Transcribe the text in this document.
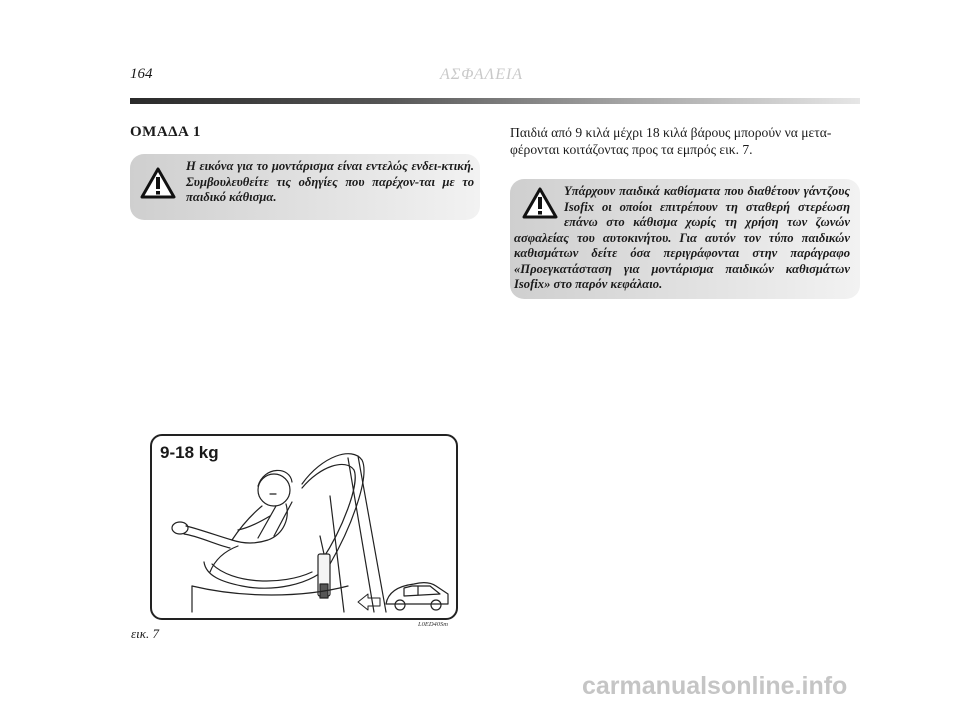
164	ΑΣΦΑΛΕΙΑ
ΟΜΑΔΑ 1
Η εικόνα για το μοντάρισμα είναι εντελώς ενδει-κτική. Συμβουλευθείτε τις οδηγίες που παρέχον-ται με το παιδικό κάθισμα.
Παιδιά από 9 κιλά μέχρι 18 κιλά βάρους μπορούν να μετα-φέρονται κοιτάζοντας προς τα εμπρός εικ. 7.
Υπάρχουν παιδικά καθίσματα που διαθέτουν γάντζους Isofix οι οποίοι επιτρέπουν τη σταθερή στερέωση επάνω στο κάθισμα χωρίς τη χρήση των ζωνών ασφαλείας του αυτοκινήτου. Για αυτόν τον τύπο παιδικών καθισμάτων δείτε όσα περιγράφονται στην παράγραφο «Προεγκατάσταση για μοντάρισμα παιδικών καθισμάτων Isofix» στο παρόν κεφάλαιο.
9-18 kg
εικ. 7
L0ED40Sm
carmanualsonline.info
